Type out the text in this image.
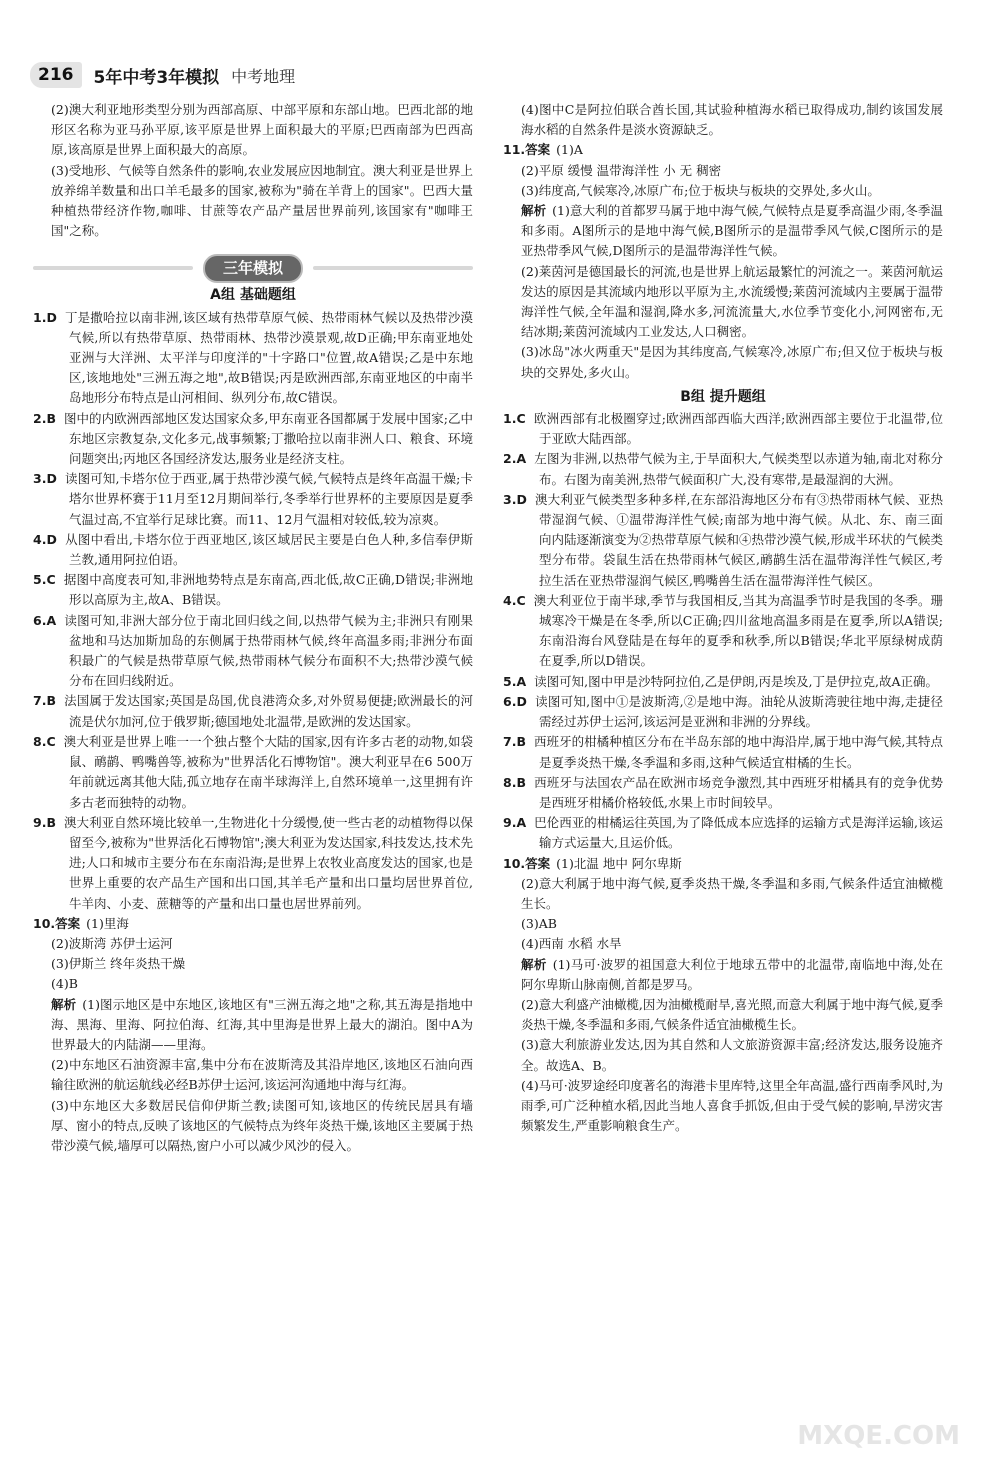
216	5年中考3年模拟 中考地理

(2)澳大利亚地形类型分别为西部高原、中部平原和东部山地。巴西北部的地形区名称为亚马孙平原,该平原是世界上面积最大的平原;巴西南部为巴西高原,该高原是世界上面积最大的高原。

(3)受地形、气候等自然条件的影响,农业发展应因地制宜。澳大利亚是世界上放养绵羊数量和出口羊毛最多的国家,被称为"骑在羊背上的国家"。巴西大量种植热带经济作物,咖啡、甘蔗等农产品产量居世界前列,该国家有"咖啡王国"之称。

三年模拟
A组 基础题组

1.D 丁是撒哈拉以南非洲,该区域有热带草原气候、热带雨林气候以及热带沙漠气候,所以有热带草原、热带雨林、热带沙漠景观,故D正确;甲东南亚地处亚洲与大洋洲、太平洋与印度洋的"十字路口"位置,故A错误;乙是中东地区,该地地处"三洲五海之地",故B错误;丙是欧洲西部,东南亚地区的中南半岛地形分布特点是山河相间、纵列分布,故C错误。

2.B 图中的内欧洲西部地区发达国家众多,甲东南亚各国都属于发展中国家;乙中东地区宗教复杂,文化多元,战事频繁;丁撒哈拉以南非洲人口、粮食、环境问题突出;丙地区各国经济发达,服务业是经济支柱。

3.D 读图可知,卡塔尔位于西亚,属于热带沙漠气候,气候特点是终年高温干燥;卡塔尔世界杯赛于11月至12月期间举行,冬季举行世界杯的主要原因是夏季气温过高,不宜举行足球比赛。而11、12月气温相对较低,较为凉爽。

4.D 从图中看出,卡塔尔位于西亚地区,该区域居民主要是白色人种,多信奉伊斯兰教,通用阿拉伯语。

5.C 据图中高度表可知,非洲地势特点是东南高,西北低,故C正确,D错误;非洲地形以高原为主,故A、B错误。

6.A 读图可知,非洲大部分位于南北回归线之间,以热带气候为主;非洲只有刚果盆地和马达加斯加岛的东侧属于热带雨林气候,终年高温多雨;非洲分布面积最广的气候是热带草原气候,热带雨林气候分布面积不大;热带沙漠气候分布在回归线附近。

7.B 法国属于发达国家;英国是岛国,优良港湾众多,对外贸易便捷;欧洲最长的河流是伏尔加河,位于俄罗斯;德国地处北温带,是欧洲的发达国家。

8.C 澳大利亚是世界上唯一一个独占整个大陆的国家,因有许多古老的动物,如袋鼠、鸸鹋、鸭嘴兽等,被称为"世界活化石博物馆"。澳大利亚早在6 500万年前就远离其他大陆,孤立地存在南半球海洋上,自然环境单一,这里拥有许多古老而独特的动物。

9.B 澳大利亚自然环境比较单一,生物进化十分缓慢,使一些古老的动植物得以保留至今,被称为"世界活化石博物馆";澳大利亚为发达国家,科技发达,技术先进;人口和城市主要分布在东南沿海;是世界上农牧业高度发达的国家,也是世界上重要的农产品生产国和出口国,其羊毛产量和出口量均居世界首位,牛羊肉、小麦、蔗糖等的产量和出口量也居世界前列。

10.答案 (1)里海

(2)波斯湾 苏伊士运河

(3)伊斯兰 终年炎热干燥

(4)B

解析 (1)图示地区是中东地区,该地区有"三洲五海之地"之称,其五海是指地中海、黑海、里海、阿拉伯海、红海,其中里海是世界上最大的湖泊。图中A为世界最大的内陆湖——里海。

(2)中东地区石油资源丰富,集中分布在波斯湾及其沿岸地区,该地区石油向西输往欧洲的航运航线必经B苏伊士运河,该运河沟通地中海与红海。

(3)中东地区大多数居民信仰伊斯兰教;读图可知,该地区的传统民居具有墙厚、窗小的特点,反映了该地区的气候特点为终年炎热干燥,该地区主要属于热带沙漠气候,墙厚可以隔热,窗户小可以减少风沙的侵入。

(4)图中C是阿拉伯联合酋长国,其试验种植海水稻已取得成功,制约该国发展海水稻的自然条件是淡水资源缺乏。

11.答案 (1)A

(2)平原 缓慢 温带海洋性 小 无 稠密

(3)纬度高,气候寒冷,冰原广布;位于板块与板块的交界处,多火山。

解析 (1)意大利的首都罗马属于地中海气候,气候特点是夏季高温少雨,冬季温和多雨。A图所示的是地中海气候,B图所示的是温带季风气候,C图所示的是亚热带季风气候,D图所示的是温带海洋性气候。

(2)莱茵河是德国最长的河流,也是世界上航运最繁忙的河流之一。莱茵河航运发达的原因是其流域内地形以平原为主,水流缓慢;莱茵河流域内主要属于温带海洋性气候,全年温和湿润,降水多,河流流量大,水位季节变化小,河网密布,无结冰期;莱茵河流域内工业发达,人口稠密。

(3)冰岛"冰火两重天"是因为其纬度高,气候寒冷,冰原广布;但又位于板块与板块的交界处,多火山。

B组 提升题组

1.C 欧洲西部有北极圈穿过;欧洲西部西临大西洋;欧洲西部主要位于北温带,位于亚欧大陆西部。

2.A 左图为非洲,以热带气候为主,于旱面积大,气候类型以赤道为轴,南北对称分布。右图为南美洲,热带气候面积广大,没有寒带,是最湿润的大洲。

3.D 澳大利亚气候类型多种多样,在东部沿海地区分布有③热带雨林气候、亚热带湿润气候、①温带海洋性气候;南部为地中海气候。从北、东、南三面向内陆逐渐演变为②热带草原气候和④热带沙漠气候,形成半环状的气候类型分布带。袋鼠生活在热带雨林气候区,鸸鹋生活在温带海洋性气候区,考拉生活在亚热带湿润气候区,鸭嘴兽生活在温带海洋性气候区。

4.C 澳大利亚位于南半球,季节与我国相反,当其为高温季节时是我国的冬季。珊城寒冷干燥是在冬季,所以C正确;四川盆地高温多雨是在夏季,所以A错误;东南沿海台风登陆是在每年的夏季和秋季,所以B错误;华北平原绿树成荫在夏季,所以D错误。

5.A 读图可知,图中甲是沙特阿拉伯,乙是伊朗,丙是埃及,丁是伊拉克,故A正确。

6.D 读图可知,图中①是波斯湾,②是地中海。油轮从波斯湾驶往地中海,走捷径需经过苏伊士运河,该运河是亚洲和非洲的分界线。

7.B 西班牙的柑橘种植区分布在半岛东部的地中海沿岸,属于地中海气候,其特点是夏季炎热干燥,冬季温和多雨,这种气候适宜柑橘的生长。

8.B 西班牙与法国农产品在欧洲市场竞争激烈,其中西班牙柑橘具有的竞争优势是西班牙柑橘价格较低,水果上市时间较早。

9.A 巴伦西亚的柑橘运往英国,为了降低成本应选择的运输方式是海洋运输,该运输方式运量大,且运价低。

10.答案 (1)北温 地中 阿尔卑斯

(2)意大利属于地中海气候,夏季炎热干燥,冬季温和多雨,气候条件适宜油橄榄生长。

(3)AB

(4)西南 水稻 水旱

解析 (1)马可·波罗的祖国意大利位于地球五带中的北温带,南临地中海,处在阿尔卑斯山脉南侧,首都是罗马。

(2)意大利盛产油橄榄,因为油橄榄耐旱,喜光照,而意大利属于地中海气候,夏季炎热干燥,冬季温和多雨,气候条件适宜油橄榄生长。

(3)意大利旅游业发达,因为其自然和人文旅游资源丰富;经济发达,服务设施齐全。故选A、B。

(4)马可·波罗途经印度著名的海港卡里库特,这里全年高温,盛行西南季风时,为雨季,可广泛种植水稻,因此当地人喜食手抓饭,但由于受气候的影响,旱涝灾害频繁发生,严重影响粮食生产。

MXQE.COM
